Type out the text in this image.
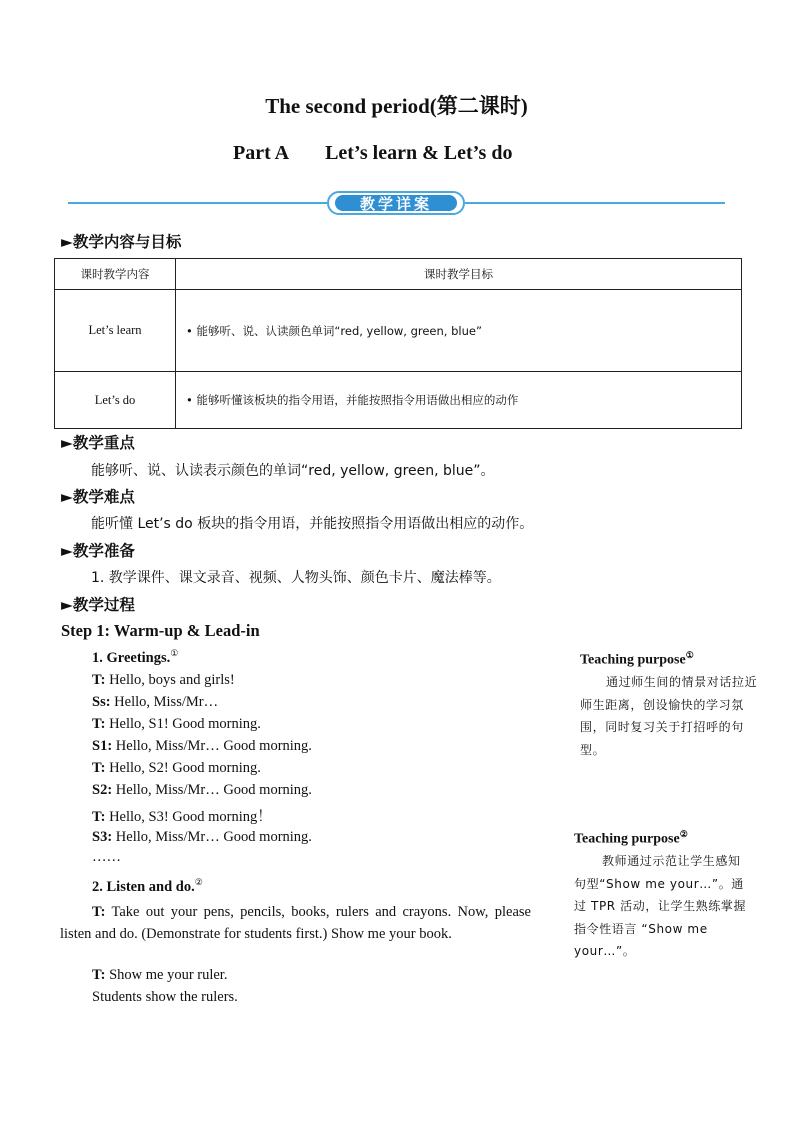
The second period(第二课时)
Part A Let’s learn & Let’s do
教学详案
►教学内容与目标
课时教学内容	课时教学目标
Let’s learn	• 能够听、说、认读颜色单词“red, yellow, green, blue”
Let’s do	• 能够听懂该板块的指令用语，并能按照指令用语做出相应的动作
►教学重点
能够听、说、认读表示颜色的单词“red, yellow, green, blue”。
►教学难点
能听懂 Let’s do 板块的指令用语，并能按照指令用语做出相应的动作。
►教学准备
1. 教学课件、课文录音、视频、人物头饰、颜色卡片、魔法棒等。
►教学过程
Step 1: Warm-up & Lead-in
1. Greetings.①
T: Hello, boys and girls!
Ss: Hello, Miss/Mr…
T: Hello, S1! Good morning.
S1: Hello, Miss/Mr… Good morning.
T: Hello, S2! Good morning.
S2: Hello, Miss/Mr… Good morning.
T: Hello, S3! Good morning！
S3: Hello, Miss/Mr… Good morning.
……
2. Listen and do.②
T: Take out your pens, pencils, books, rulers and crayons. Now, please listen and do. (Demonstrate for students first.) Show me your book.
T: Show me your ruler.
Students show the rulers.
Teaching purpose①
通过师生间的情景对话拉近师生距离，创设愉快的学习氛围，同时复习关于打招呼的句型。
Teaching purpose②
教师通过示范让学生感知句型“Show me your…”。通过 TPR 活动，让学生熟练掌握指令性语言 “Show me your…”。
